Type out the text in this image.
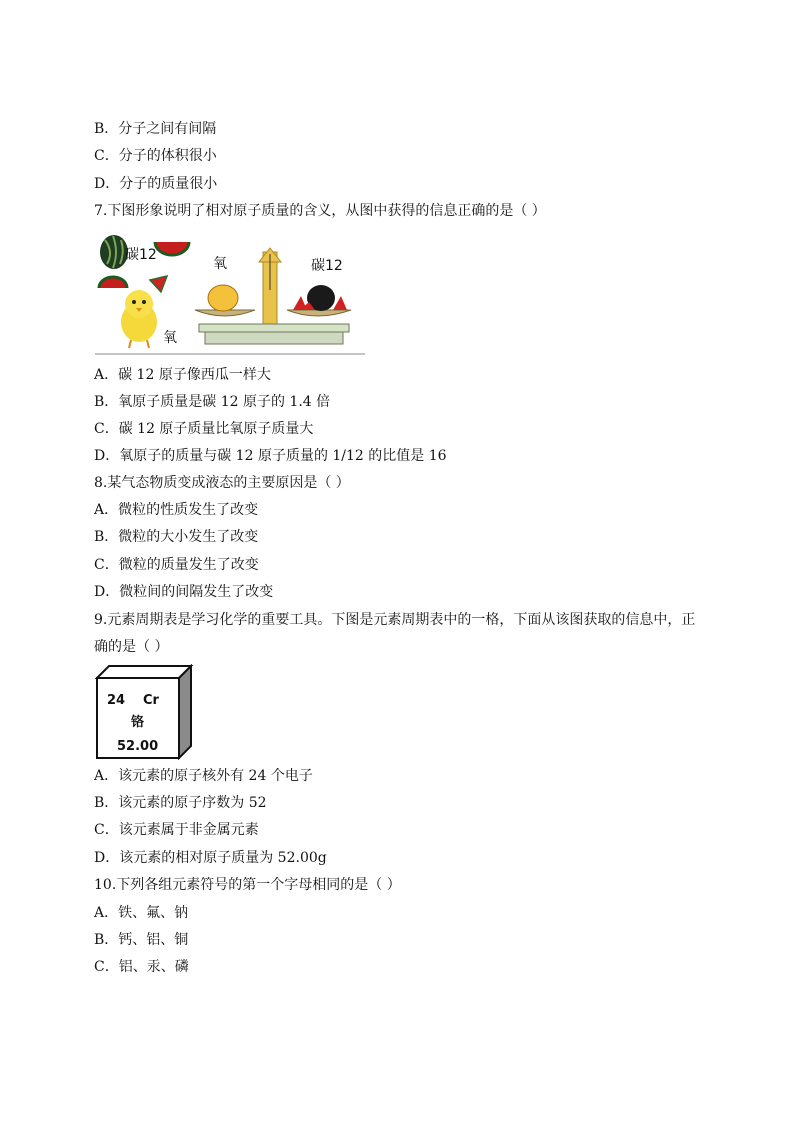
B．分子之间有间隔
C．分子的体积很小
D．分子的质量很小
7.下图形象说明了相对原子质量的含义，从图中获得的信息正确的是（ ）
碳12
氧
氧	碳12
A．碳 12 原子像西瓜一样大
B．氧原子质量是碳 12 原子的 1.4 倍
C．碳 12 原子质量比氧原子质量大
D．氧原子的质量与碳 12 原子质量的 1/12 的比值是 16
8.某气态物质变成液态的主要原因是（ ）
A．微粒的性质发生了改变
B．微粒的大小发生了改变
C．微粒的质量发生了改变
D．微粒间的间隔发生了改变
9.元素周期表是学习化学的重要工具。下图是元素周期表中的一格，下面从该图获取的信息中，正
确的是（ ）
24 Cr
铬
52.00
A．该元素的原子核外有 24 个电子
B．该元素的原子序数为 52
C．该元素属于非金属元素
D．该元素的相对原子质量为 52.00g
10.下列各组元素符号的第一个字母相同的是（ ）
A．铁、氟、钠
B．钙、铝、铜
C．铝、汞、磷
